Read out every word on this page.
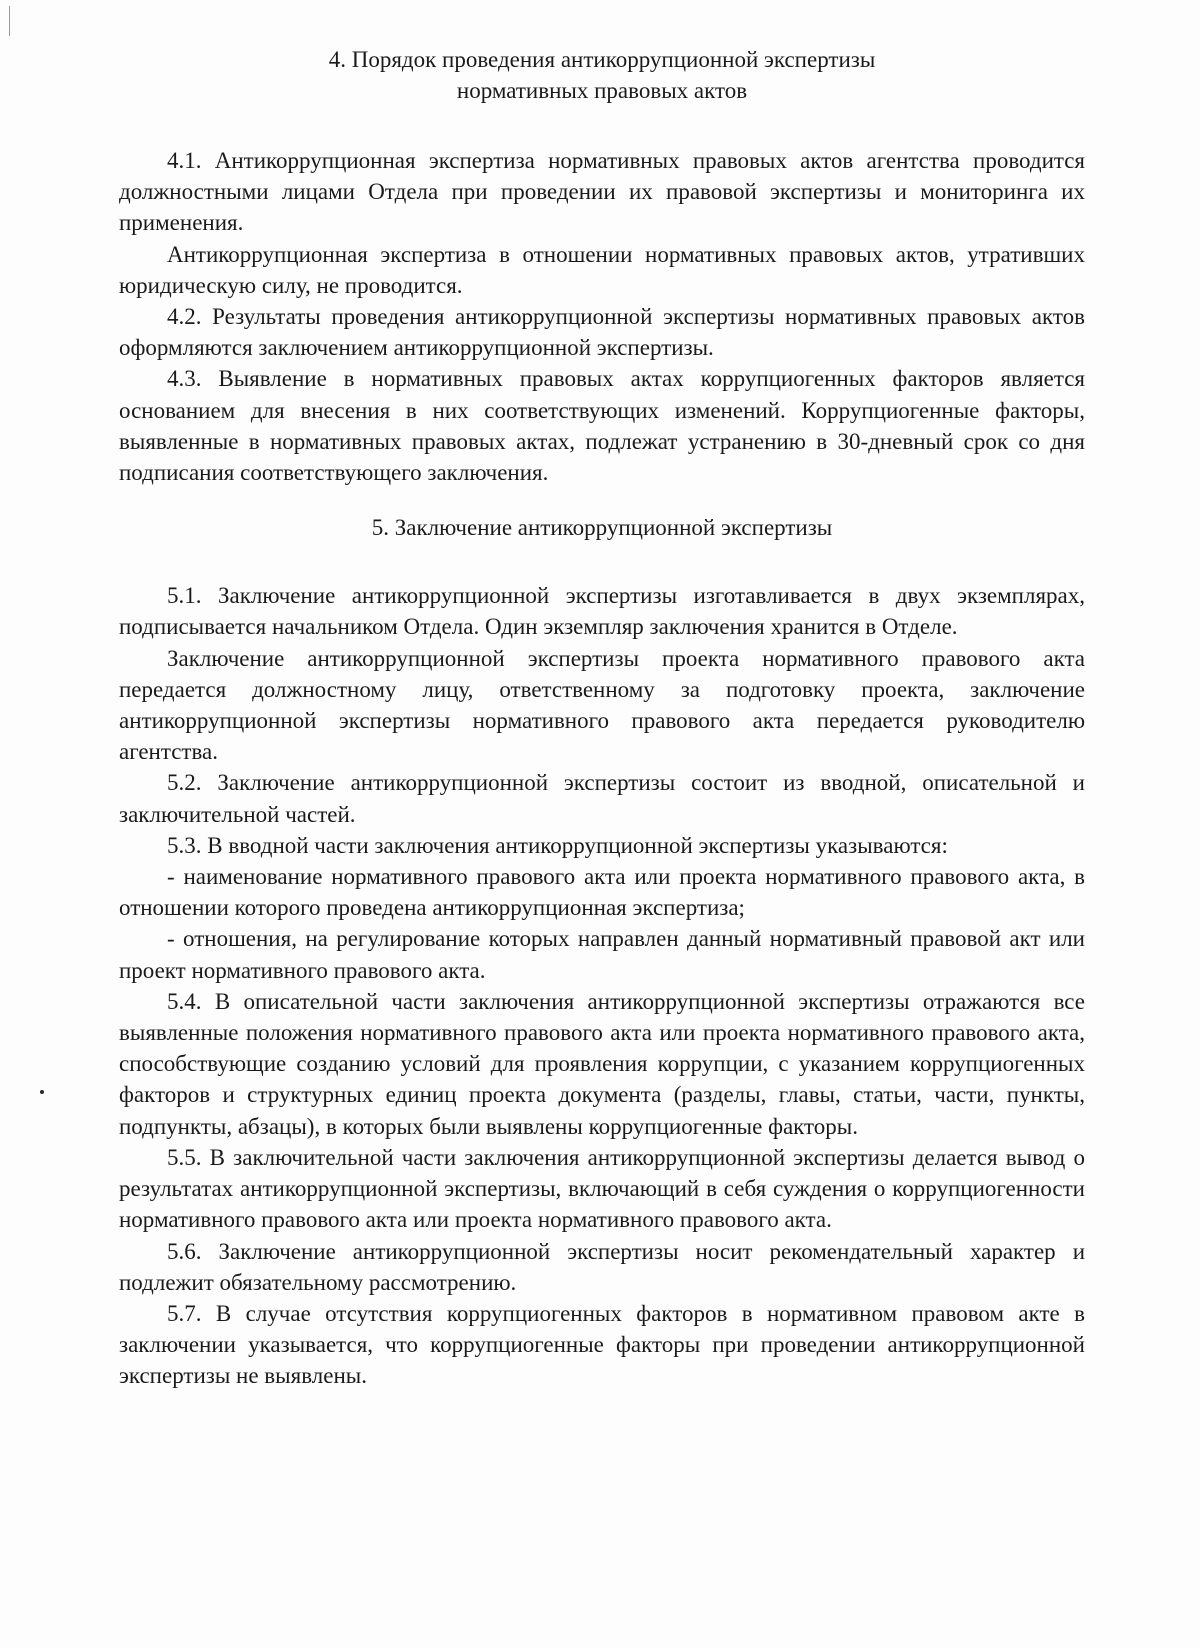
4. Порядок проведения антикоррупционной экспертизы
нормативных правовых актов

4.1. Антикоррупционная экспертиза нормативных правовых актов агентства проводится должностными лицами Отдела при проведении их правовой экспертизы и мониторинга их применения.

Антикоррупционная экспертиза в отношении нормативных правовых актов, утративших юридическую силу, не проводится.

4.2. Результаты проведения антикоррупционной экспертизы нормативных правовых актов оформляются заключением антикоррупционной экспертизы.

4.3. Выявление в нормативных правовых актах коррупциогенных факторов является основанием для внесения в них соответствующих изменений. Коррупциогенные факторы, выявленные в нормативных правовых актах, подлежат устранению в 30-дневный срок со дня подписания соответствующего заключения.

5. Заключение антикоррупционной экспертизы

5.1. Заключение антикоррупционной экспертизы изготавливается в двух экземплярах, подписывается начальником Отдела. Один экземпляр заключения хранится в Отделе.

Заключение антикоррупционной экспертизы проекта нормативного правового акта передается должностному лицу, ответственному за подготовку проекта, заключение антикоррупционной экспертизы нормативного правового акта передается руководителю агентства.

5.2. Заключение антикоррупционной экспертизы состоит из вводной, описательной и заключительной частей.

5.3. В вводной части заключения антикоррупционной экспертизы указываются:

- наименование нормативного правового акта или проекта нормативного правового акта, в отношении которого проведена антикоррупционная экспертиза;

- отношения, на регулирование которых направлен данный нормативный правовой акт или проект нормативного правового акта.

5.4. В описательной части заключения антикоррупционной экспертизы отражаются все выявленные положения нормативного правового акта или проекта нормативного правового акта, способствующие созданию условий для проявления коррупции, с указанием коррупциогенных факторов и структурных единиц проекта документа (разделы, главы, статьи, части, пункты, подпункты, абзацы), в которых были выявлены коррупциогенные факторы.

5.5. В заключительной части заключения антикоррупционной экспертизы делается вывод о результатах антикоррупционной экспертизы, включающий в себя суждения о коррупциогенности нормативного правового акта или проекта нормативного правового акта.

5.6. Заключение антикоррупционной экспертизы носит рекомендательный характер и подлежит обязательному рассмотрению.

5.7. В случае отсутствия коррупциогенных факторов в нормативном правовом акте в заключении указывается, что коррупциогенные факторы при проведении антикоррупционной экспертизы не выявлены.
